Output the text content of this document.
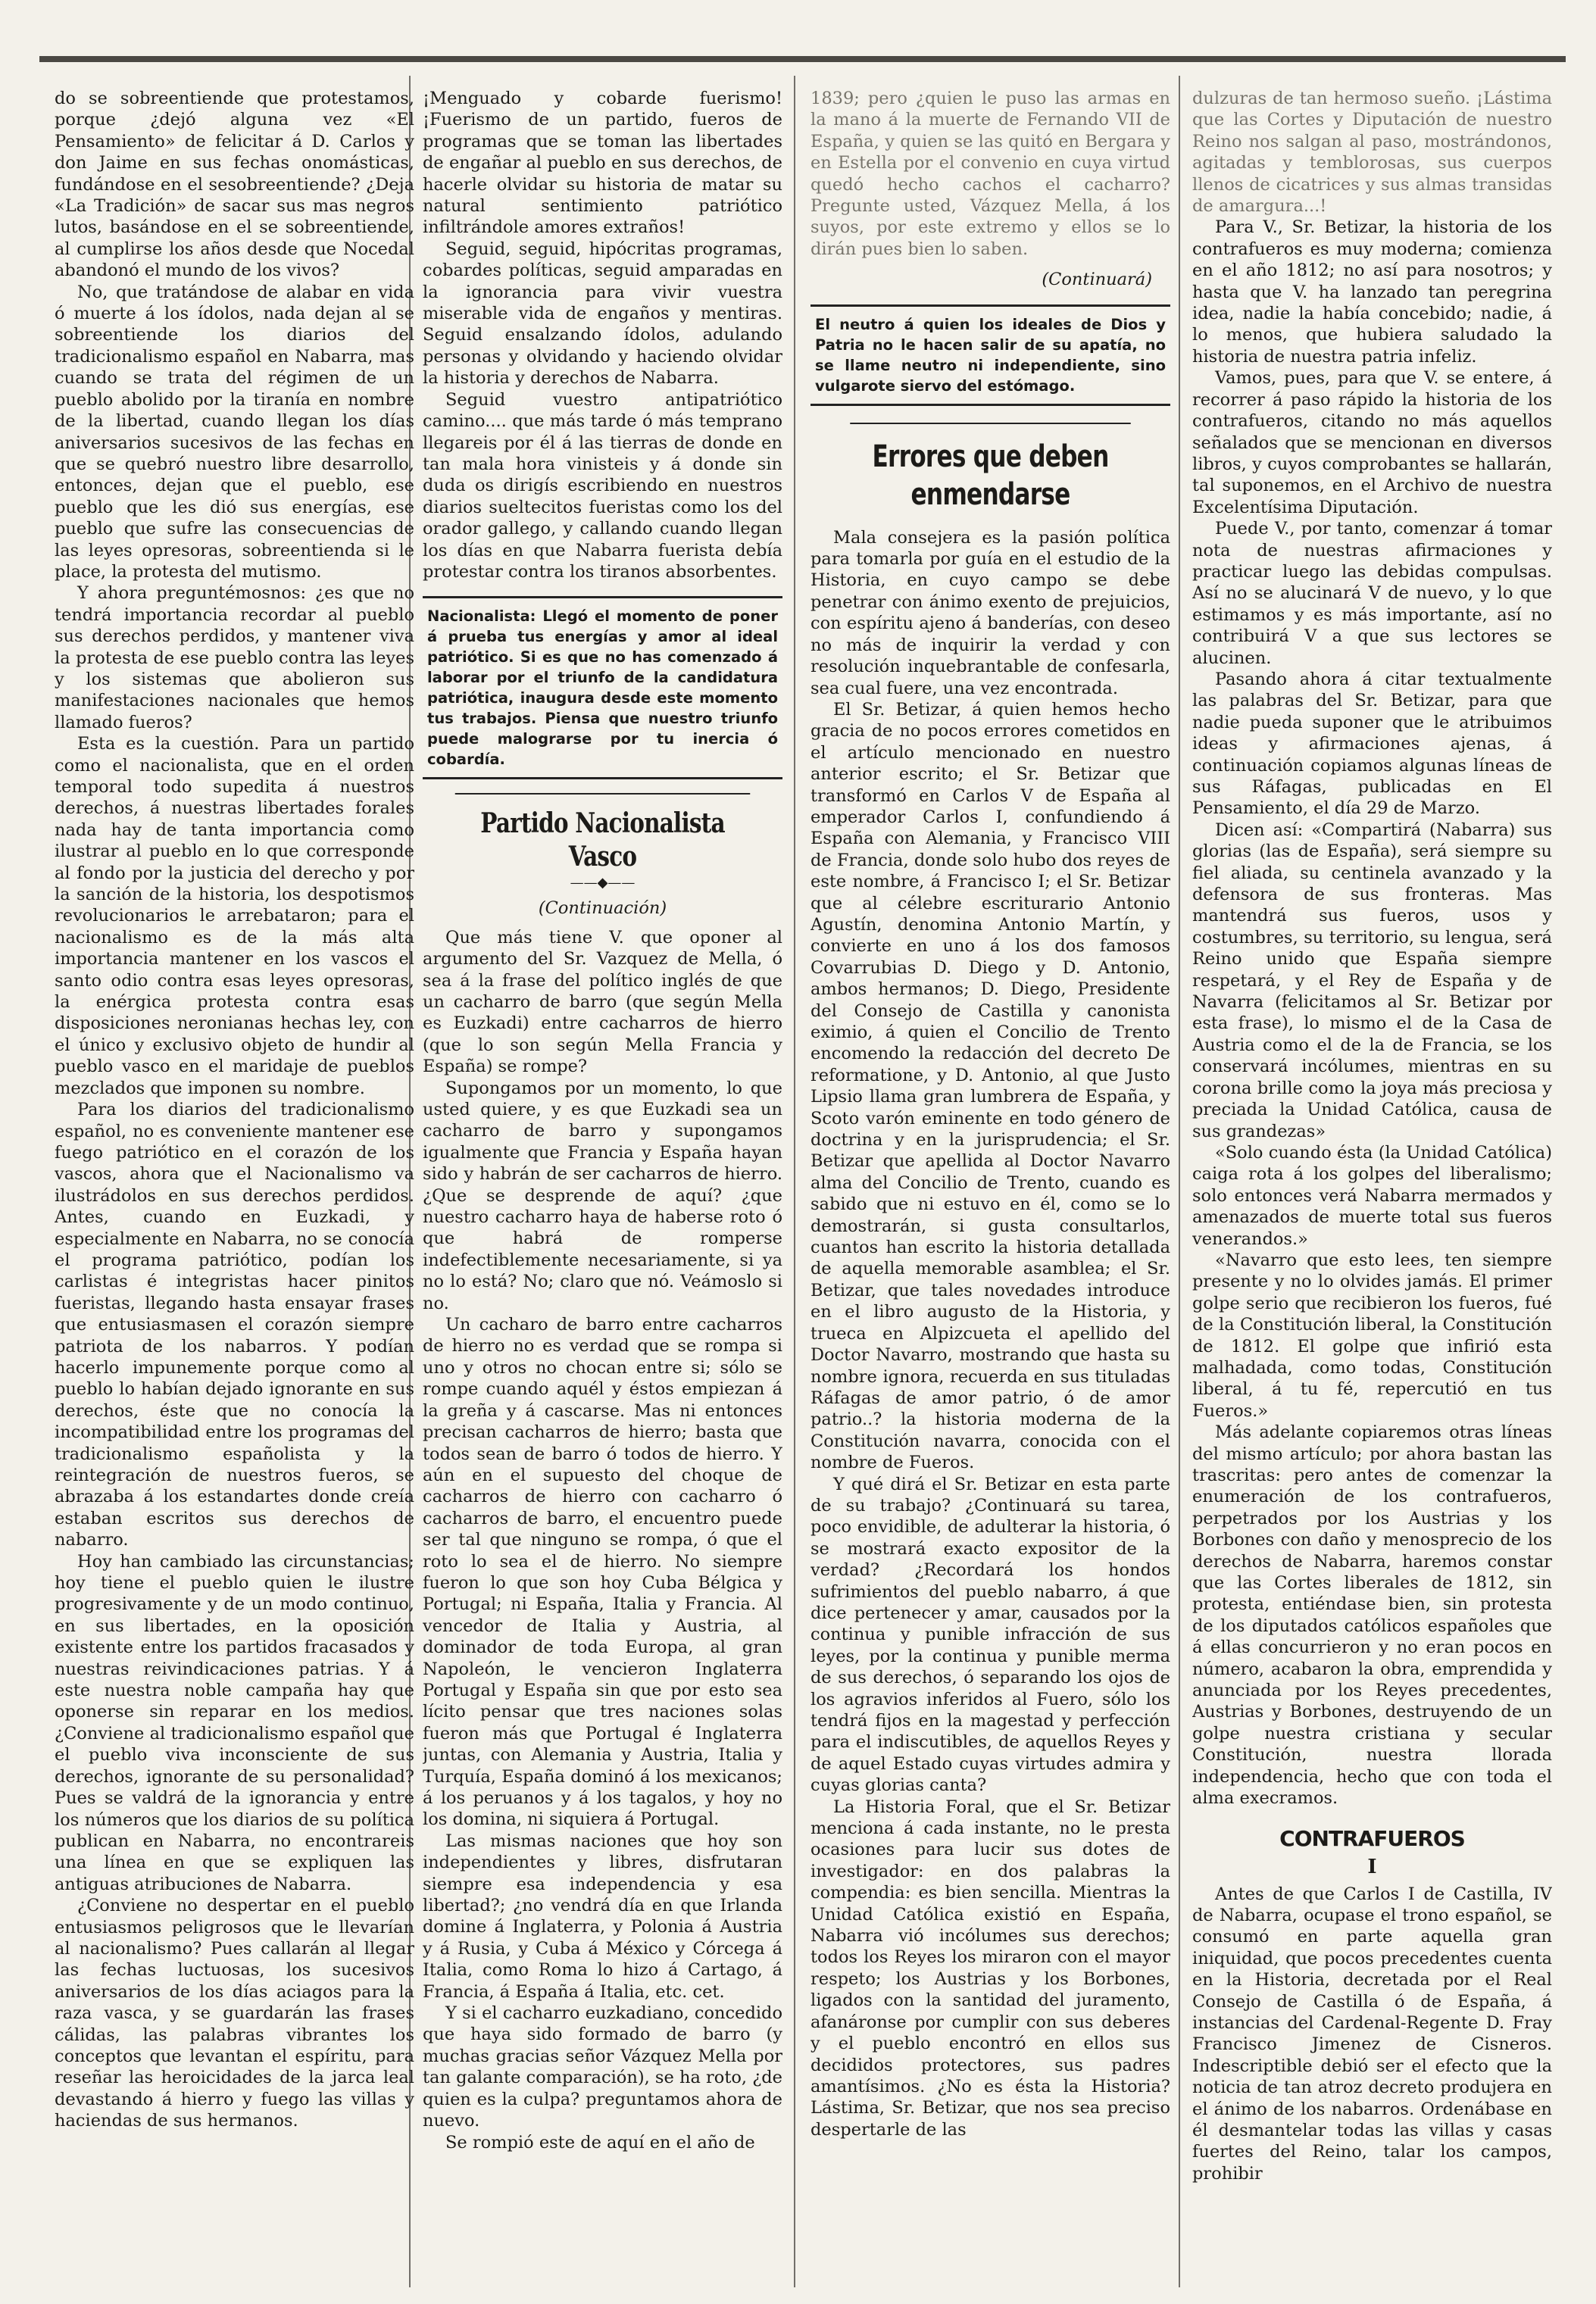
do se sobreentiende que protestamos, porque ¿dejó alguna vez «El Pensamiento» de felicitar á D. Carlos y don Jaime en sus fechas onomásticas, fundándose en el sesobreentiende? ¿Deja «La Tradición» de sacar sus mas negros lutos, basándose en el se sobreentiende, al cumplirse los años desde que Nocedal abandonó el mundo de los vivos?

No, que tratándose de alabar en vida ó muerte á los ídolos, nada dejan al se sobreentiende los diarios del tradicionalismo español en Nabarra, mas cuando se trata del régimen de un pueblo abolido por la tiranía en nombre de la libertad, cuando llegan los días aniversarios sucesivos de las fechas en que se quebró nuestro libre desarrollo, entonces, dejan que el pueblo, ese pueblo que les dió sus energías, ese pueblo que sufre las consecuencias de las leyes opresoras, sobreentienda si le place, la protesta del mutismo.

Y ahora preguntémosnos: ¿es que no tendrá importancia recordar al pueblo sus derechos perdidos, y mantener viva la protesta de ese pueblo contra las leyes y los sistemas que abolieron sus manifestaciones nacionales que hemos llamado fueros?

Esta es la cuestión. Para un partido como el nacionalista, que en el orden temporal todo supedita á nuestros derechos, á nuestras libertades forales nada hay de tanta importancia como ilustrar al pueblo en lo que corresponde al fondo por la justicia del derecho y por la sanción de la historia, los despotismos revolucionarios le arrebataron; para el nacionalismo es de la más alta importancia mantener en los vascos el santo odio contra esas leyes opresoras, la enérgica protesta contra esas disposiciones neronianas hechas ley, con el único y exclusivo objeto de hundir al pueblo vasco en el maridaje de pueblos mezclados que imponen su nombre.

Para los diarios del tradicionalismo español, no es conveniente mantener ese fuego patriótico en el corazón de los vascos, ahora que el Nacionalismo va ilustrádolos en sus derechos perdidos. Antes, cuando en Euzkadi, y especialmente en Nabarra, no se conocía el programa patriótico, podían los carlistas é integristas hacer pinitos fueristas, llegando hasta ensayar frases que entusiasmasen el corazón siempre patriota de los nabarros. Y podían hacerlo impunemente porque como al pueblo lo habían dejado ignorante en sus derechos, éste que no conocía la incompatibilidad entre los programas del tradicionalismo españolista y la reintegración de nuestros fueros, se abrazaba á los estandartes donde creía estaban escritos sus derechos de nabarro.

Hoy han cambiado las circunstancias; hoy tiene el pueblo quien le ilustre progresivamente y de un modo continuo, en sus libertades, en la oposición existente entre los partidos fracasados y nuestras reivindicaciones patrias. Y á este nuestra noble campaña hay que oponerse sin reparar en los medios. ¿Conviene al tradicionalismo español que el pueblo viva inconsciente de sus derechos, ignorante de su personalidad? Pues se valdrá de la ignorancia y entre los números que los diarios de su política publican en Nabarra, no encontrareis una línea en que se expliquen las antiguas atribuciones de Nabarra.

¿Conviene no despertar en el pueblo entusiasmos peligrosos que le llevarían al nacionalismo? Pues callarán al llegar las fechas luctuosas, los sucesivos aniversarios de los días aciagos para la raza vasca, y se guardarán las frases cálidas, las palabras vibrantes los conceptos que levantan el espíritu, para reseñar las heroicidades de la jarca leal devastando á hierro y fuego las villas y haciendas de sus hermanos.

¡Menguado y cobarde fuerismo! ¡Fuerismo de un partido, fueros de programas que se toman las libertades de engañar al pueblo en sus derechos, de hacerle olvidar su historia de matar su natural sentimiento patriótico infiltrándole amores extraños!

Seguid, seguid, hipócritas programas, cobardes políticas, seguid amparadas en la ignorancia para vivir vuestra miserable vida de engaños y mentiras. Seguid ensalzando ídolos, adulando personas y olvidando y haciendo olvidar la historia y derechos de Nabarra.

Seguid vuestro antipatriótico camino.... que más tarde ó más temprano llegareis por él á las tierras de donde en tan mala hora vinisteis y á donde sin duda os dirigís escribiendo en nuestros diarios sueltecitos fueristas como los del orador gallego, y callando cuando llegan los días en que Nabarra fuerista debía protestar contra los tiranos absorbentes.

Nacionalista: Llegó el momento de poner á prueba tus energías y amor al ideal patriótico. Si es que no has comenzado á laborar por el triunfo de la candidatura patriótica, inaugura desde este momento tus trabajos. Piensa que nuestro triunfo puede malograrse por tu inercia ó cobardía.
Partido Nacionalista Vasco
——◆——
(Continuación)

Que más tiene V. que oponer al argumento del Sr. Vazquez de Mella, ó sea á la frase del político inglés de que un cacharro de barro (que según Mella es Euzkadi) entre cacharros de hierro (que lo son según Mella Francia y España) se rompe?

Supongamos por un momento, lo que usted quiere, y es que Euzkadi sea un cacharro de barro y supongamos igualmente que Francia y España hayan sido y habrán de ser cacharros de hierro. ¿Que se desprende de aquí? ¿que nuestro cacharro haya de haberse roto ó que habrá de romperse indefectiblemente necesariamente, si ya no lo está? No; claro que nó. Veámoslo si no.

Un cacharo de barro entre cacharros de hierro no es verdad que se rompa si uno y otros no chocan entre si; sólo se rompe cuando aquél y éstos empiezan á la greña y á cascarse. Mas ni entonces precisan cacharros de hierro; basta que todos sean de barro ó todos de hierro. Y aún en el supuesto del choque de cacharros de hierro con cacharro ó cacharros de barro, el encuentro puede ser tal que ninguno se rompa, ó que el roto lo sea el de hierro. No siempre fueron lo que son hoy Cuba Bélgica y Portugal; ni España, Italia y Francia. Al vencedor de Italia y Austria, al dominador de toda Europa, al gran Napoleón, le vencieron Inglaterra Portugal y España sin que por esto sea lícito pensar que tres naciones solas fueron más que Portugal é Inglaterra juntas, con Alemania y Austria, Italia y Turquía, España dominó á los mexicanos; á los peruanos y á los tagalos, y hoy no los domina, ni siquiera á Portugal.

Las mismas naciones que hoy son independientes y libres, disfrutaran siempre esa independencia y esa libertad?; ¿no vendrá día en que Irlanda domine á Inglaterra, y Polonia á Austria y á Rusia, y Cuba á México y Córcega á Italia, como Roma lo hizo á Cartago, á Francia, á España á Italia, etc. cet.

Y si el cacharro euzkadiano, concedido que haya sido formado de barro (y muchas gracias señor Vázquez Mella por tan galante comparación), se ha roto, ¿de quien es la culpa? preguntamos ahora de nuevo.

Se rompió este de aquí en el año de

1839; pero ¿quien le puso las armas en la mano á la muerte de Fernando VII de España, y quien se las quitó en Bergara y en Estella por el convenio en cuya virtud quedó hecho cachos el cacharro? Pregunte usted, Vázquez Mella, á los suyos, por este extremo y ellos se lo dirán pues bien lo saben.

(Continuará)
El neutro á quien los ideales de Dios y Patria no le hacen salir de su apatía, no se llame neutro ni independiente, sino vulgarote siervo del estómago.
Errores que deben enmendarse

Mala consejera es la pasión política para tomarla por guía en el estudio de la Historia, en cuyo campo se debe penetrar con ánimo exento de prejuicios, con espíritu ajeno á banderías, con deseo no más de inquirir la verdad y con resolución inquebrantable de confesarla, sea cual fuere, una vez encontrada.

El Sr. Betizar, á quien hemos hecho gracia de no pocos errores cometidos en el artículo mencionado en nuestro anterior escrito; el Sr. Betizar que transformó en Carlos V de España al emperador Carlos I, confundiendo á España con Alemania, y Francisco VIII de Francia, donde solo hubo dos reyes de este nombre, á Francisco I; el Sr. Betizar que al célebre escriturario Antonio Agustín, denomina Antonio Martín, y convierte en uno á los dos famosos Covarrubias D. Diego y D. Antonio, ambos hermanos; D. Diego, Presidente del Consejo de Castilla y canonista eximio, á quien el Concilio de Trento encomendo la redacción del decreto De reformatione, y D. Antonio, al que Justo Lipsio llama gran lumbrera de España, y Scoto varón eminente en todo género de doctrina y en la jurisprudencia; el Sr. Betizar que apellida al Doctor Navarro alma del Concilio de Trento, cuando es sabido que ni estuvo en él, como se lo demostrarán, si gusta consultarlos, cuantos han escrito la historia detallada de aquella memorable asamblea; el Sr. Betizar, que tales novedades introduce en el libro augusto de la Historia, y trueca en Alpizcueta el apellido del Doctor Navarro, mostrando que hasta su nombre ignora, recuerda en sus tituladas Ráfagas de amor patrio, ó de amor patrio..? la historia moderna de la Constitución navarra, conocida con el nombre de Fueros.

Y qué dirá el Sr. Betizar en esta parte de su trabajo? ¿Continuará su tarea, poco envidible, de adulterar la historia, ó se mostrará exacto expositor de la verdad? ¿Recordará los hondos sufrimientos del pueblo nabarro, á que dice pertenecer y amar, causados por la continua y punible infracción de sus leyes, por la continua y punible merma de sus derechos, ó separando los ojos de los agravios inferidos al Fuero, sólo los tendrá fijos en la magestad y perfección para el indiscutibles, de aquellos Reyes y de aquel Estado cuyas virtudes admira y cuyas glorias canta?

La Historia Foral, que el Sr. Betizar menciona á cada instante, no le presta ocasiones para lucir sus dotes de investigador: en dos palabras la compendia: es bien sencilla. Mientras la Unidad Católica existió en España, Nabarra vió incólumes sus derechos; todos los Reyes los miraron con el mayor respeto; los Austrias y los Borbones, ligados con la santidad del juramento, afanáronse por cumplir con sus deberes y el pueblo encontró en ellos sus decididos protectores, sus padres amantísimos. ¿No es ésta la Historia? Lástima, Sr. Betizar, que nos sea preciso despertarle de las

dulzuras de tan hermoso sueño. ¡Lástima que las Cortes y Diputación de nuestro Reino nos salgan al paso, mostrándonos, agitadas y temblorosas, sus cuerpos llenos de cicatrices y sus almas transidas de amargura...!

Para V., Sr. Betizar, la historia de los contrafueros es muy moderna; comienza en el año 1812; no así para nosotros; y hasta que V. ha lanzado tan peregrina idea, nadie la había concebido; nadie, á lo menos, que hubiera saludado la historia de nuestra patria infeliz.

Vamos, pues, para que V. se entere, á recorrer á paso rápido la historia de los contrafueros, citando no más aquellos señalados que se mencionan en diversos libros, y cuyos comprobantes se hallarán, tal suponemos, en el Archivo de nuestra Excelentísima Diputación.

Puede V., por tanto, comenzar á tomar nota de nuestras afirmaciones y practicar luego las debidas compulsas. Así no se alucinará V de nuevo, y lo que estimamos y es más importante, así no contribuirá V a que sus lectores se alucinen.

Pasando ahora á citar textualmente las palabras del Sr. Betizar, para que nadie pueda suponer que le atribuimos ideas y afirmaciones ajenas, á continuación copiamos algunas líneas de sus Ráfagas, publicadas en El Pensamiento, el día 29 de Marzo.

Dicen así: «Compartirá (Nabarra) sus glorias (las de España), será siempre su fiel aliada, su centinela avanzado y la defensora de sus fronteras. Mas mantendrá sus fueros, usos y costumbres, su territorio, su lengua, será Reino unido que España siempre respetará, y el Rey de España y de Navarra (felicitamos al Sr. Betizar por esta frase), lo mismo el de la Casa de Austria como el de la de Francia, se los conservará incólumes, mientras en su corona brille como la joya más preciosa y preciada la Unidad Católica, causa de sus grandezas»

«Solo cuando ésta (la Unidad Católica) caiga rota á los golpes del liberalismo; solo entonces verá Nabarra mermados y amenazados de muerte total sus fueros venerandos.»

«Navarro que esto lees, ten siempre presente y no lo olvides jamás. El primer golpe serio que recibieron los fueros, fué de la Constitución liberal, la Constitución de 1812. El golpe que infirió esta malhadada, como todas, Constitución liberal, á tu fé, repercutió en tus Fueros.»

Más adelante copiaremos otras líneas del mismo artículo; por ahora bastan las trascritas: pero antes de comenzar la enumeración de los contrafueros, perpetrados por los Austrias y los Borbones con daño y menosprecio de los derechos de Nabarra, haremos constar que las Cortes liberales de 1812, sin protesta, entiéndase bien, sin protesta de los diputados católicos españoles que á ellas concurrieron y no eran pocos en número, acabaron la obra, emprendida y anunciada por los Reyes precedentes, Austrias y Borbones, destruyendo de un golpe nuestra cristiana y secular Constitución, nuestra llorada independencia, hecho que con toda el alma execramos.

CONTRAFUEROS
I

Antes de que Carlos I de Castilla, IV de Nabarra, ocupase el trono español, se consumó en parte aquella gran iniquidad, que pocos precedentes cuenta en la Historia, decretada por el Real Consejo de Castilla ó de España, á instancias del Cardenal-Regente D. Fray Francisco Jimenez de Cisneros. Indescriptible debió ser el efecto que la noticia de tan atroz decreto produjera en el ánimo de los nabarros. Ordenábase en él desmantelar todas las villas y casas fuertes del Reino, talar los campos, prohibir
